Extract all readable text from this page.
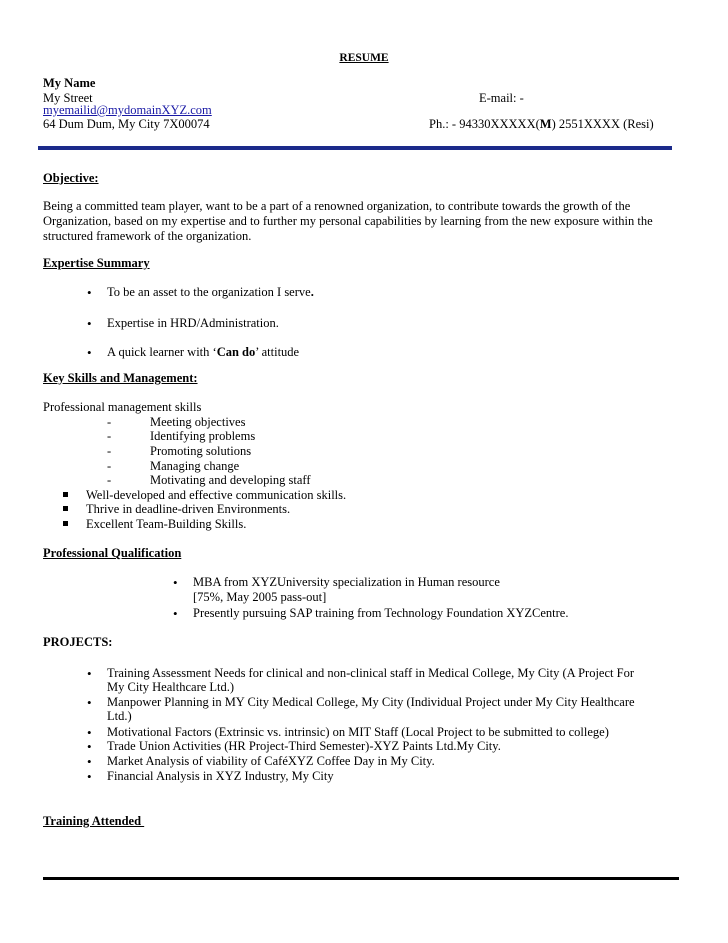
RESUME
My Name
My Street	E-mail: -
myemailid@mydomainXYZ.com
64 Dum Dum, My City 7X00074	Ph.: - 94330XXXXX(M) 2551XXXX (Resi)
Objective:
Being a committed team player, want to be a part of a renowned organization, to contribute towards the growth of the
Organization, based on my expertise and to further my personal capabilities by learning from the new exposure within the
structured framework of the organization.
Expertise Summary
• To be an asset to the organization I serve.
• Expertise in HRD/Administration.
• A quick learner with ‘Can do’ attitude
Key Skills and Management:
Professional management skills
-	Meeting objectives
-	Identifying problems
-	Promoting solutions
-	Managing change
-	Motivating and developing staff
Well-developed and effective communication skills.
Thrive in deadline-driven Environments.
Excellent Team-Building Skills.
Professional Qualification
• MBA from XYZUniversity specialization in Human resource
[75%, May 2005 pass-out]
• Presently pursuing SAP training from Technology Foundation XYZCentre.
PROJECTS:
• Training Assessment Needs for clinical and non-clinical staff in Medical College, My City (A Project For
My City Healthcare Ltd.)
• Manpower Planning in MY City Medical College, My City (Individual Project under My City Healthcare
Ltd.)
• Motivational Factors (Extrinsic vs. intrinsic) on MIT Staff (Local Project to be submitted to college)
• Trade Union Activities (HR Project-Third Semester)-XYZ Paints Ltd.My City.
• Market Analysis of viability of CaféXYZ Coffee Day in My City.
• Financial Analysis in XYZ Industry, My City
Training Attended
